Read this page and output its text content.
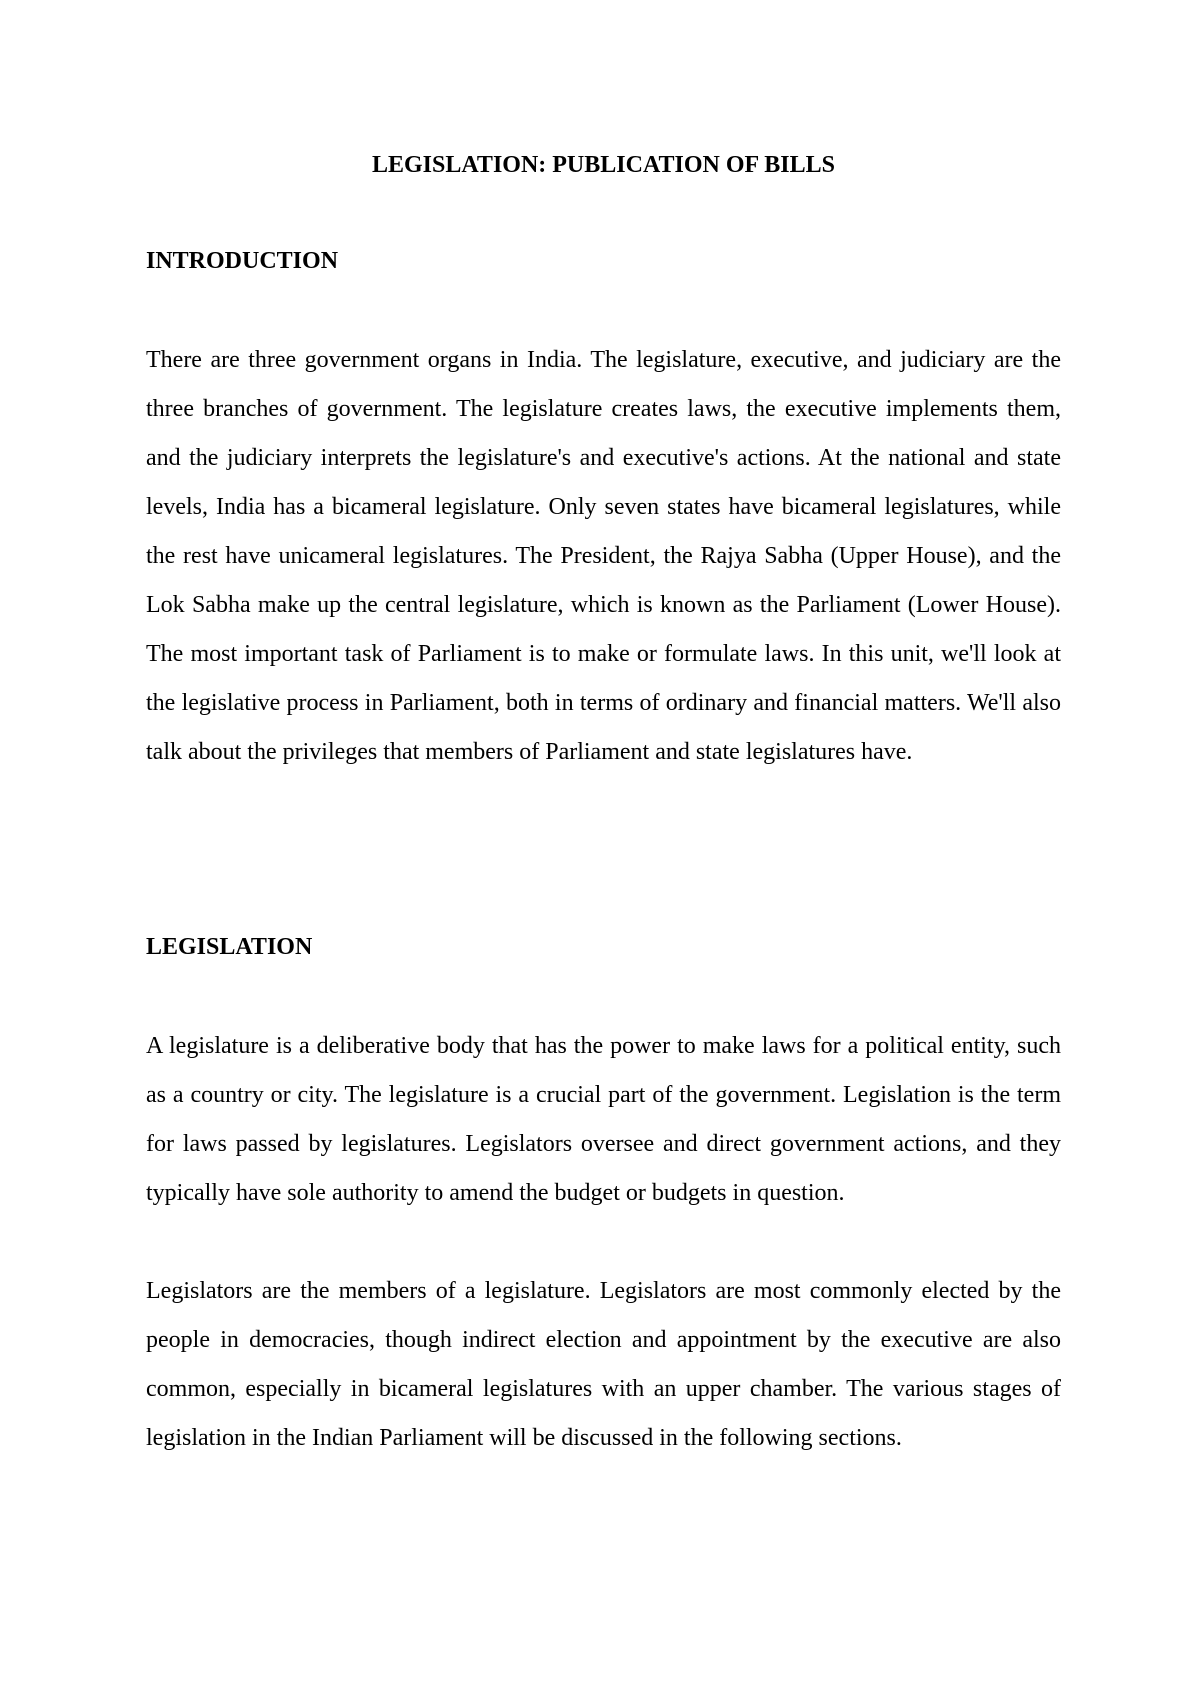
LEGISLATION: PUBLICATION OF BILLS
INTRODUCTION

There are three government organs in India. The legislature, executive, and judiciary are the three branches of government. The legislature creates laws, the executive implements them, and the judiciary interprets the legislature's and executive's actions. At the national and state levels, India has a bicameral legislature. Only seven states have bicameral legislatures, while the rest have unicameral legislatures. The President, the Rajya Sabha (Upper House), and the Lok Sabha make up the central legislature, which is known as the Parliament (Lower House). The most important task of Parliament is to make or formulate laws. In this unit, we'll look at the legislative process in Parliament, both in terms of ordinary and financial matters. We'll also talk about the privileges that members of Parliament and state legislatures have.

LEGISLATION

A legislature is a deliberative body that has the power to make laws for a political entity, such as a country or city. The legislature is a crucial part of the government. Legislation is the term for laws passed by legislatures. Legislators oversee and direct government actions, and they typically have sole authority to amend the budget or budgets in question.

Legislators are the members of a legislature. Legislators are most commonly elected by the people in democracies, though indirect election and appointment by the executive are also common, especially in bicameral legislatures with an upper chamber. The various stages of legislation in the Indian Parliament will be discussed in the following sections.
